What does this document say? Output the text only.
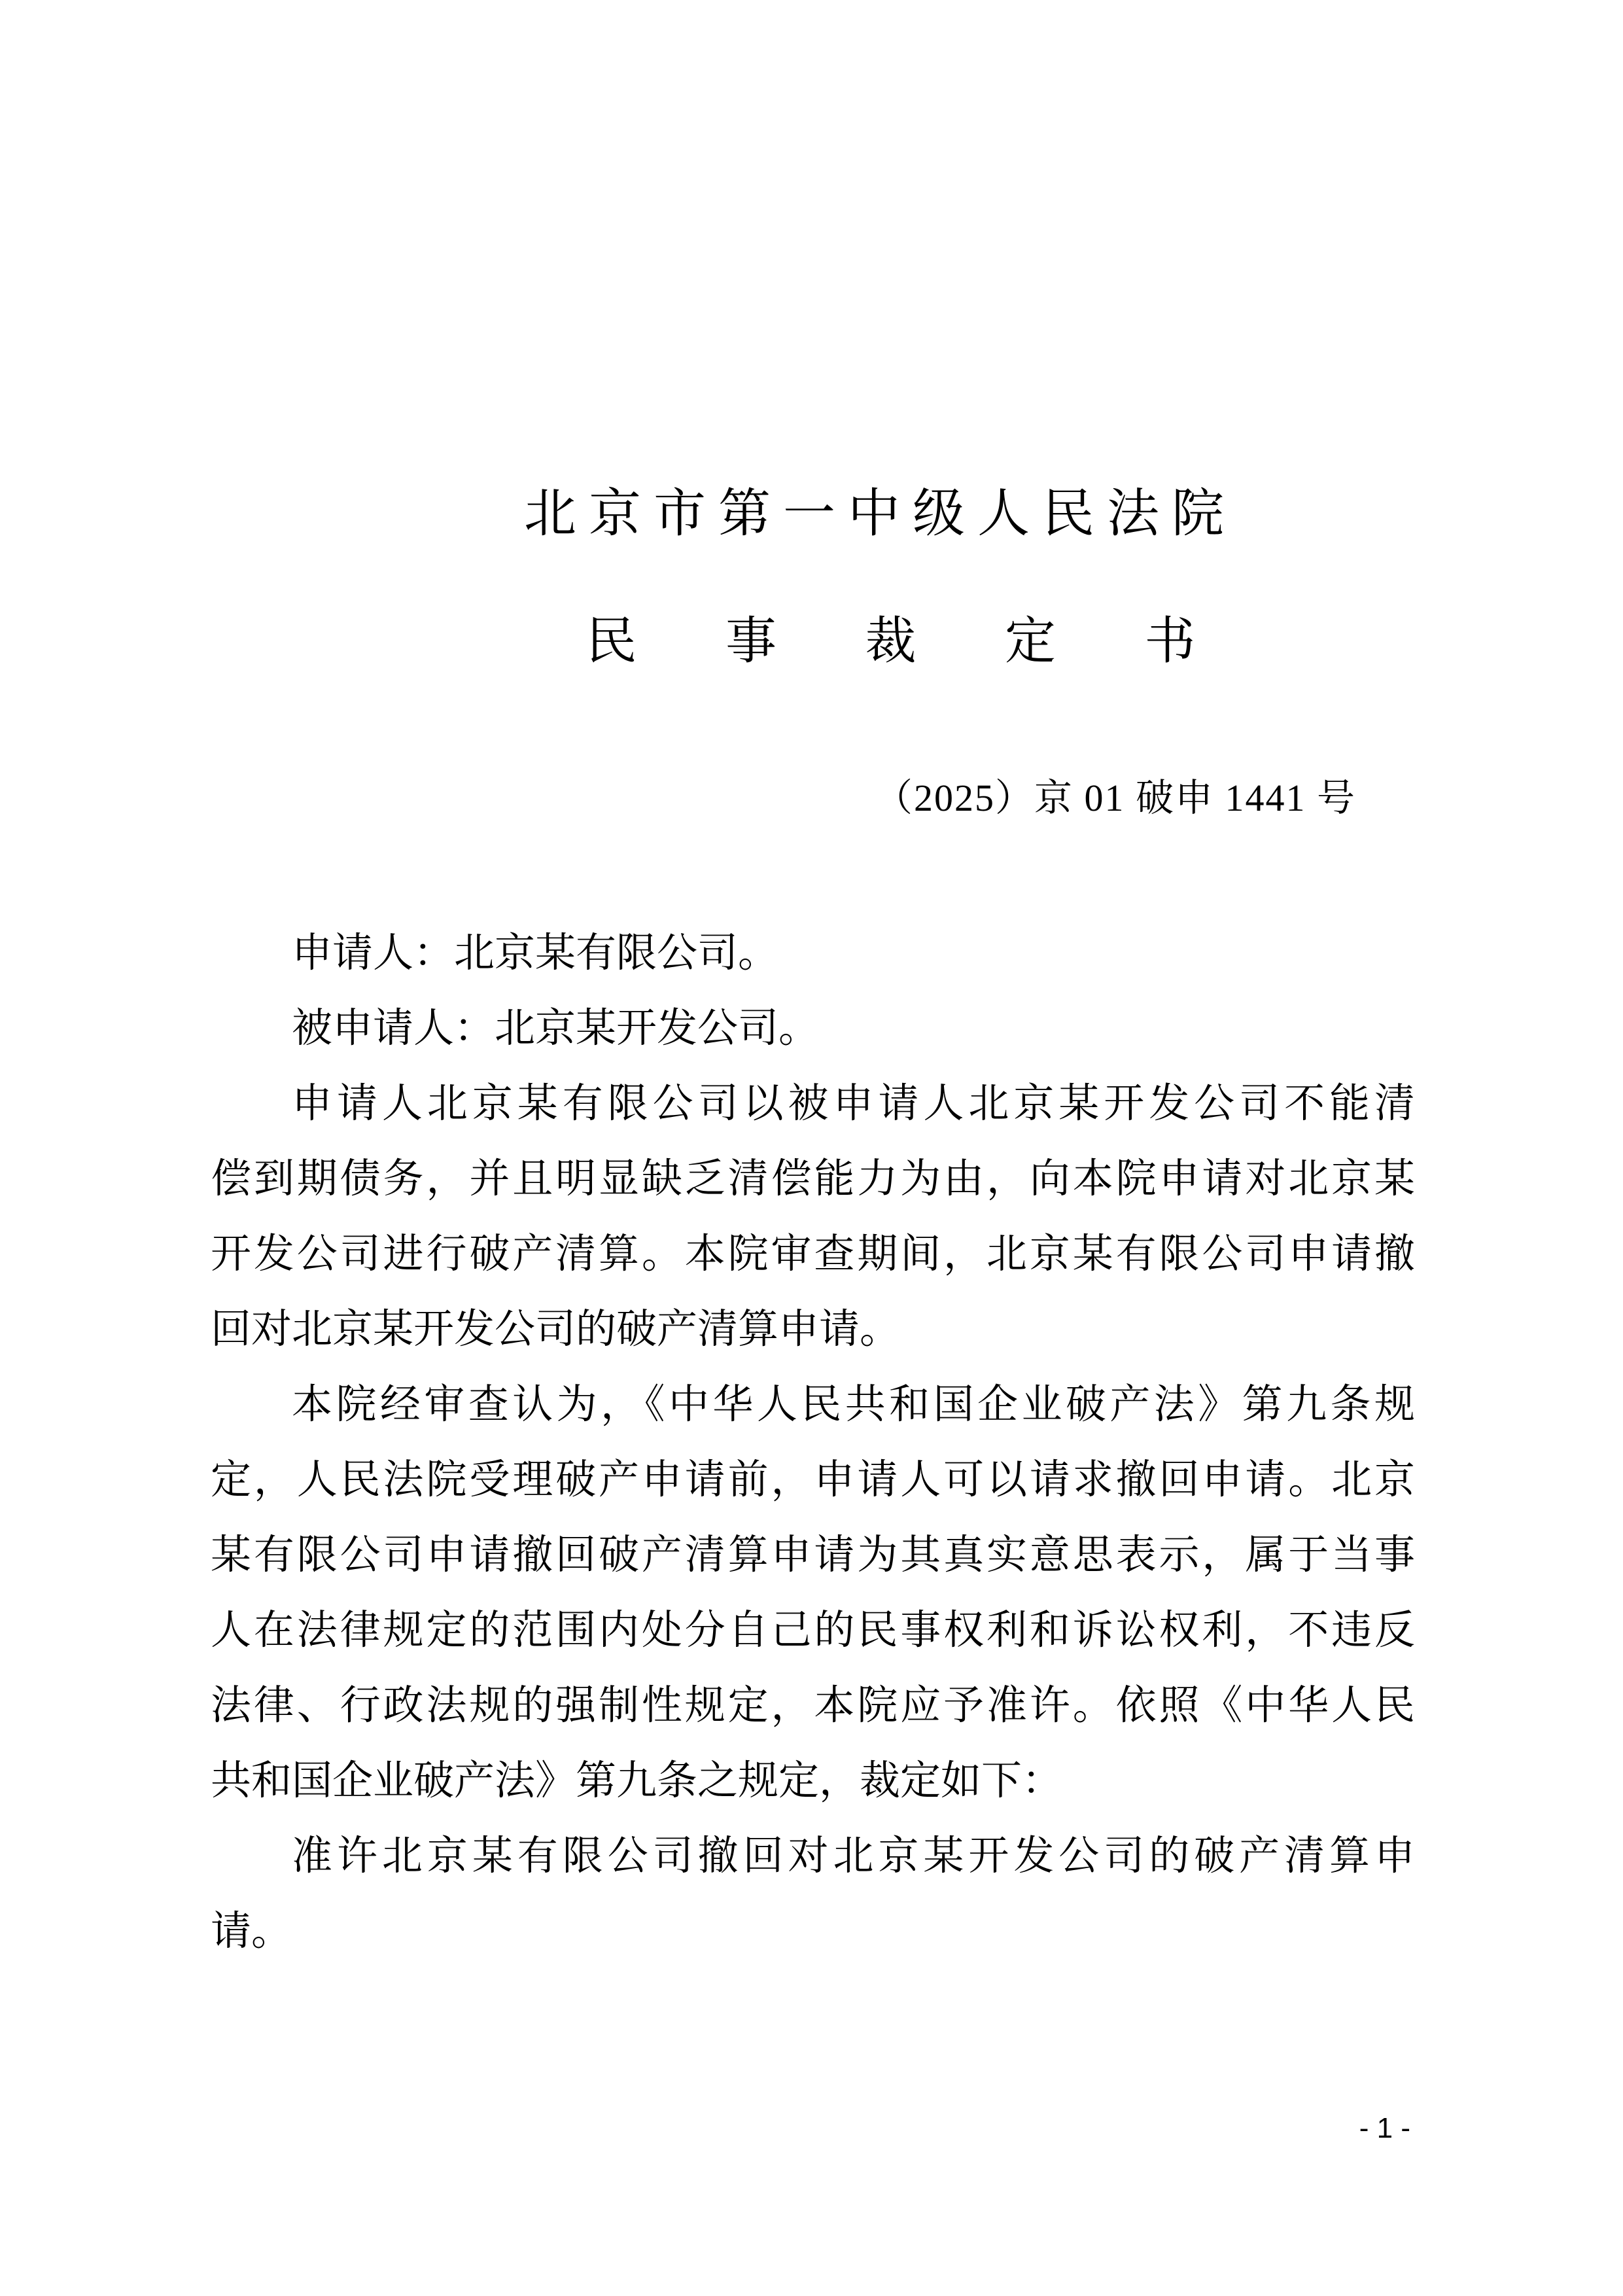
北京市第一中级人民法院
民 事 裁 定 书
（2025）京 01 破申 1441 号
申请人：北京某有限公司。
被申请人：北京某开发公司。
申请人北京某有限公司以被申请人北京某开发公司不能清
偿到期债务，并且明显缺乏清偿能力为由，向本院申请对北京某
开发公司进行破产清算。本院审查期间，北京某有限公司申请撤
回对北京某开发公司的破产清算申请。
本院经审查认为，《中华人民共和国企业破产法》第九条规
定，人民法院受理破产申请前，申请人可以请求撤回申请。北京
某有限公司申请撤回破产清算申请为其真实意思表示，属于当事
人在法律规定的范围内处分自己的民事权利和诉讼权利，不违反
法律、行政法规的强制性规定，本院应予准许。依照《中华人民
共和国企业破产法》第九条之规定，裁定如下：
准许北京某有限公司撤回对北京某开发公司的破产清算申
请。
- 1 -
